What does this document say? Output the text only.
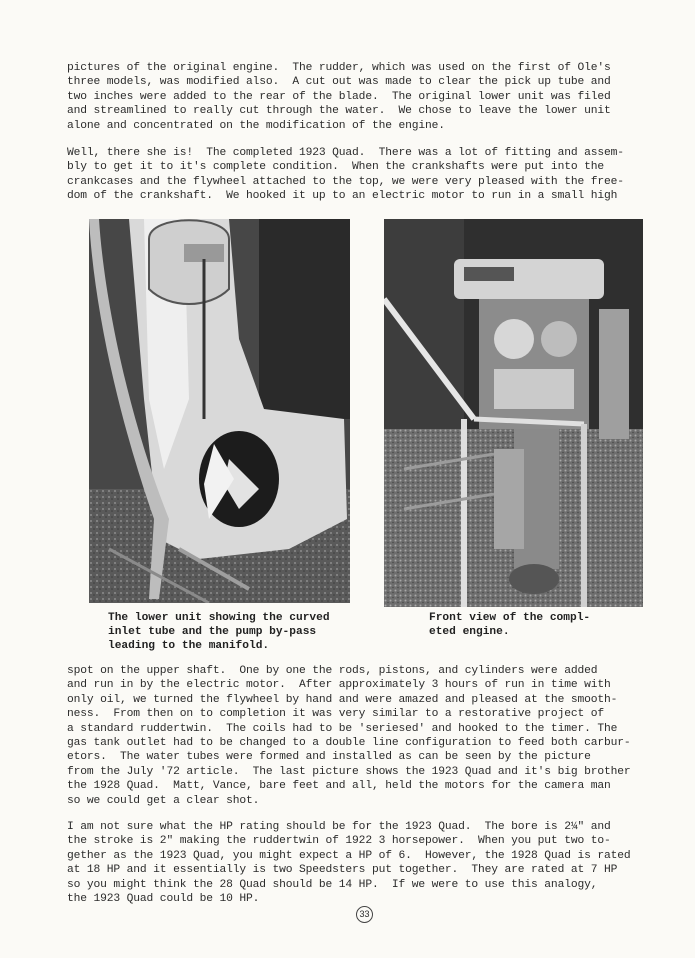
pictures of the original engine.  The rudder, which was used on the first of Ole's
three models, was modified also.  A cut out was made to clear the pick up tube and
two inches were added to the rear of the blade.  The original lower unit was filed
and streamlined to really cut through the water.  We chose to leave the lower unit
alone and concentrated on the modification of the engine.
Well, there she is!  The completed 1923 Quad.  There was a lot of fitting and assem-
bly to get it to it's complete condition.  When the crankshafts were put into the
crankcases and the flywheel attached to the top, we were very pleased with the free-
dom of the crankshaft.  We hooked it up to an electric motor to run in a small high
The lower unit showing the curved
inlet tube and the pump by-pass
leading to the manifold.
Front view of the compl-
eted engine.
spot on the upper shaft.  One by one the rods, pistons, and cylinders were added
and run in by the electric motor.  After approximately 3 hours of run in time with
only oil, we turned the flywheel by hand and were amazed and pleased at the smooth-
ness.  From then on to completion it was very similar to a restorative project of
a standard ruddertwin.  The coils had to be 'seriesed' and hooked to the timer. The
gas tank outlet had to be changed to a double line configuration to feed both carbur-
etors.  The water tubes were formed and installed as can be seen by the picture
from the July '72 article.  The last picture shows the 1923 Quad and it's big brother
the 1928 Quad.  Matt, Vance, bare feet and all, held the motors for the camera man
so we could get a clear shot.
I am not sure what the HP rating should be for the 1923 Quad.  The bore is 2¼" and
the stroke is 2" making the ruddertwin of 1922 3 horsepower.  When you put two to-
gether as the 1923 Quad, you might expect a HP of 6.  However, the 1928 Quad is rated
at 18 HP and it essentially is two Speedsters put together.  They are rated at 7 HP
so you might think the 28 Quad should be 14 HP.  If we were to use this analogy,
the 1923 Quad could be 10 HP.
33
